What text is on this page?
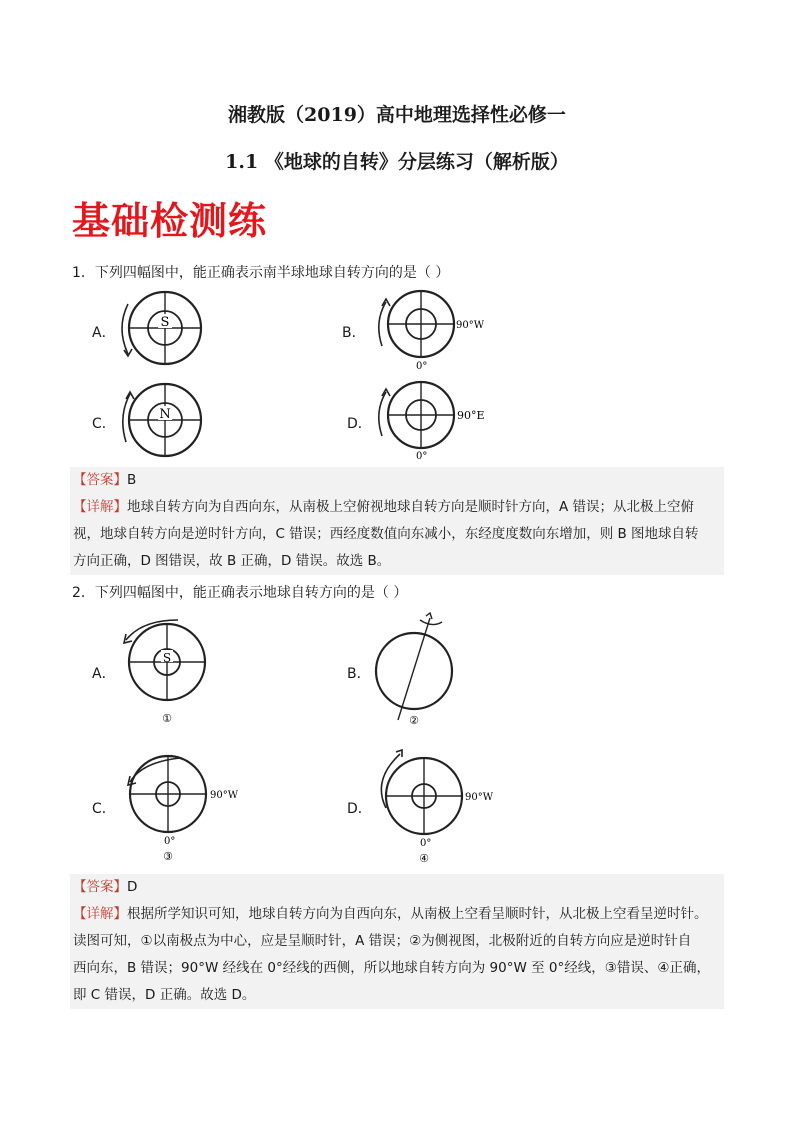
湘教版（2019）高中地理选择性必修一
1.1 《地球的自转》分层练习（解析版）
基础检测练
1．下列四幅图中，能正确表示南半球地球自转方向的是（ ）
A．
S
B．	90°W
0°
C．
N
D．
90°E
0°
【答案】B
【详解】地球自转方向为自西向东，从南极上空俯视地球自转方向是顺时针方向，A 错误；从北极上空俯
视，地球自转方向是逆时针方向，C 错误；西经度数值向东减小，东经度度数向东增加，则 B 图地球自转
方向正确，D 图错误，故 B 正确，D 错误。故选 B。
2．下列四幅图中，能正确表示地球自转方向的是（ ）
A．
S
①
B．
②
C．
90°W
0°
③
D．
90°W
0°
④
【答案】D
【详解】根据所学知识可知，地球自转方向为自西向东，从南极上空看呈顺时针，从北极上空看呈逆时针。
读图可知，①以南极点为中心，应是呈顺时针，A 错误；②为侧视图，北极附近的自转方向应是逆时针自
西向东，B 错误；90°W 经线在 0°经线的西侧，所以地球自转方向为 90°W 至 0°经线，③错误、④正确，
即 C 错误，D 正确。故选 D。
